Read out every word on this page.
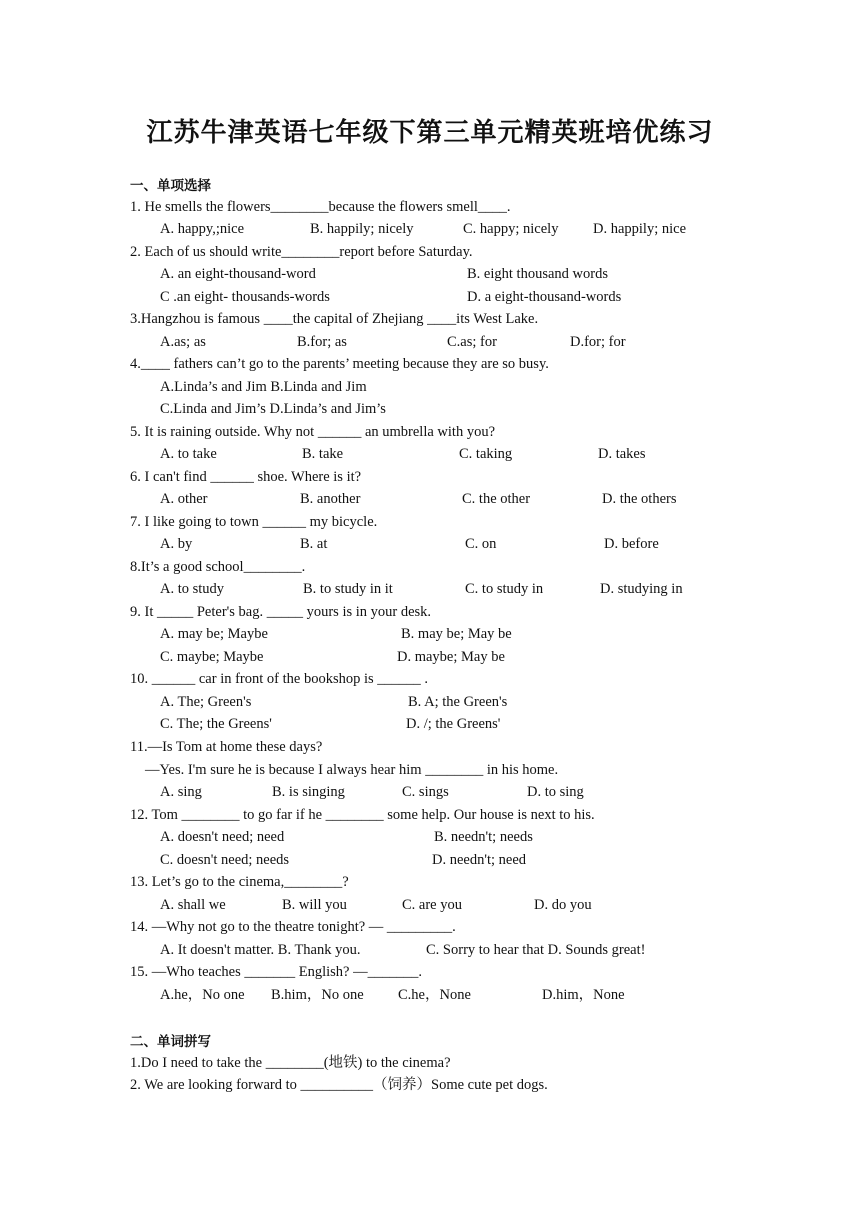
江苏牛津英语七年级下第三单元精英班培优练习
一、单项选择
1. He smells the flowers________because the flowers smell____.
A. happy,;nice	B. happily; nicely	C. happy; nicely D. happily; nice
2. Each of us should write________report before Saturday.
A. an eight-thousand-word	B. eight thousand words
C .an eight- thousands-words	D. a eight-thousand-words
3.Hangzhou is famous ____the capital of Zhejiang ____its West Lake.
A.as; as	B.for; as	C.as; for	D.for; for
4.____ fathers can’t go to the parents’ meeting because they are so busy.
A.Linda’s and Jim B.Linda and Jim
C.Linda and Jim’s D.Linda’s and Jim’s
5. It is raining outside. Why not ______ an umbrella with you?
A. to take	B. take	C. taking	D. takes
6. I can't find ______ shoe. Where is it?
A. other	B. another	C. the other	D. the others
7. I like going to town ______ my bicycle.
A. by	B. at	C. on	D. before
8.It’s a good school________.
A. to study	B. to study in it	C. to study in	D. studying in
9. It _____ Peter's bag. _____ yours is in your desk.
A. may be; Maybe	B. may be; May be
C. maybe; Maybe	D. maybe; May be
10. ______ car in front of the bookshop is ______ .
A. The; Green's	B. A; the Green's
C. The; the Greens'	D. /; the Greens'
11.—Is Tom at home these days?
—Yes. I'm sure he is because I always hear him ________ in his home.
A. sing	B. is singing	C. sings	D. to sing
12. Tom ________ to go far if he ________ some help. Our house is next to his.
A. doesn't need; need	B. needn't; needs
C. doesn't need; needs	D. needn't; need
13. Let’s go to the cinema,________?
A. shall we	B. will you	C. are you	D. do you
14. —Why not go to the theatre tonight? — _________.
A. It doesn't matter. B. Thank you.	C. Sorry to hear that D. Sounds great!
15. —Who teaches _______ English? —_______.
A.he，No one B.him，No one C.he，None	D.him，None
二、单词拼写
1.Do I need to take the ________(地铁) to the cinema?
2. We are looking forward to __________（饲养）Some cute pet dogs.
